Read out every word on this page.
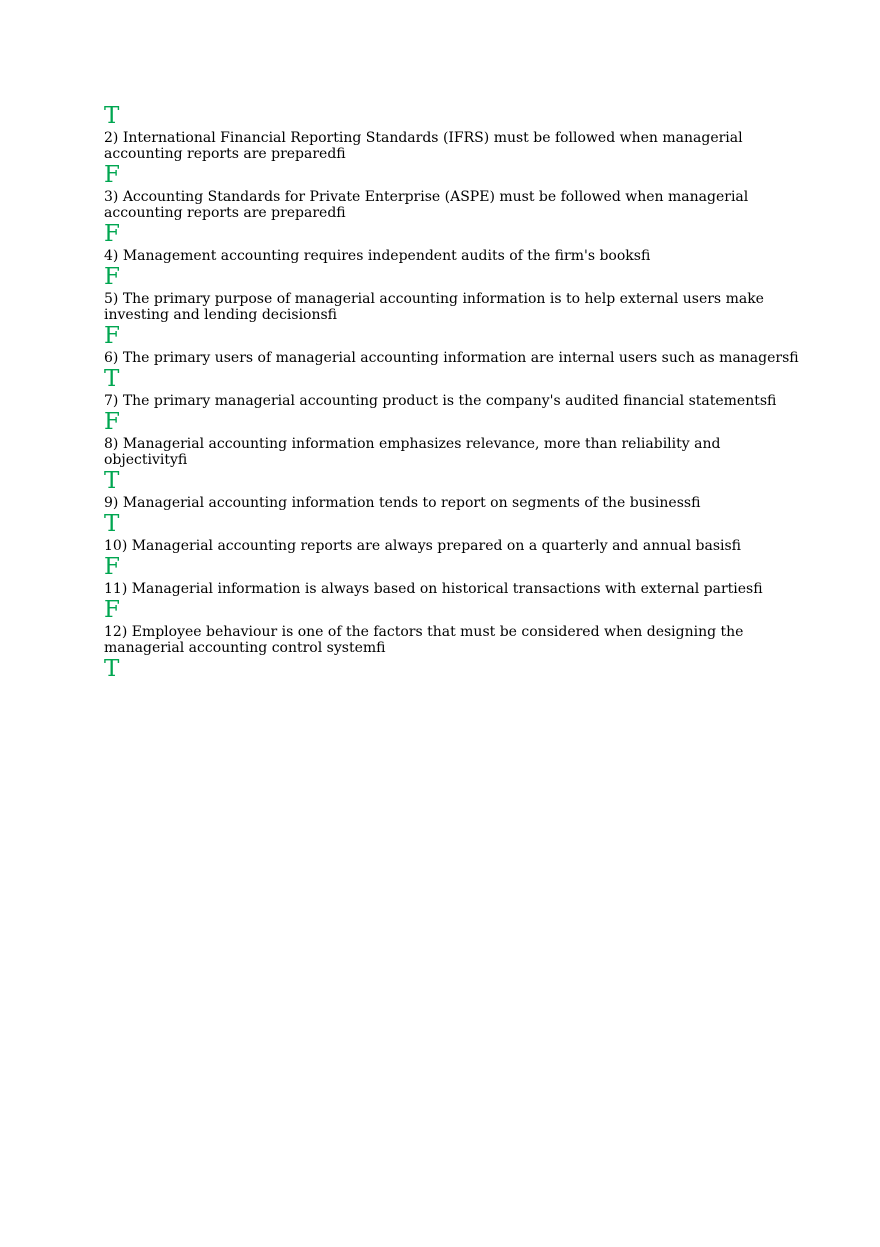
T
2) International Financial Reporting Standards (IFRS) must be followed when managerial accounting reports are preparedfi
F
3) Accounting Standards for Private Enterprise (ASPE) must be followed when managerial accounting reports are preparedfi
F
4) Management accounting requires independent audits of the firm's booksfi
F
5) The primary purpose of managerial accounting information is to help external users make investing and lending decisionsfi
F
6) The primary users of managerial accounting information are internal users such as managersfi
T
7) The primary managerial accounting product is the company's audited financial statementsfi
F
8) Managerial accounting information emphasizes relevance, more than reliability and objectivityfi
T
9) Managerial accounting information tends to report on segments of the businessfi
T
10) Managerial accounting reports are always prepared on a quarterly and annual basisfi
F
11) Managerial information is always based on historical transactions with external partiesfi
F
12) Employee behaviour is one of the factors that must be considered when designing the managerial accounting control systemfi
T
